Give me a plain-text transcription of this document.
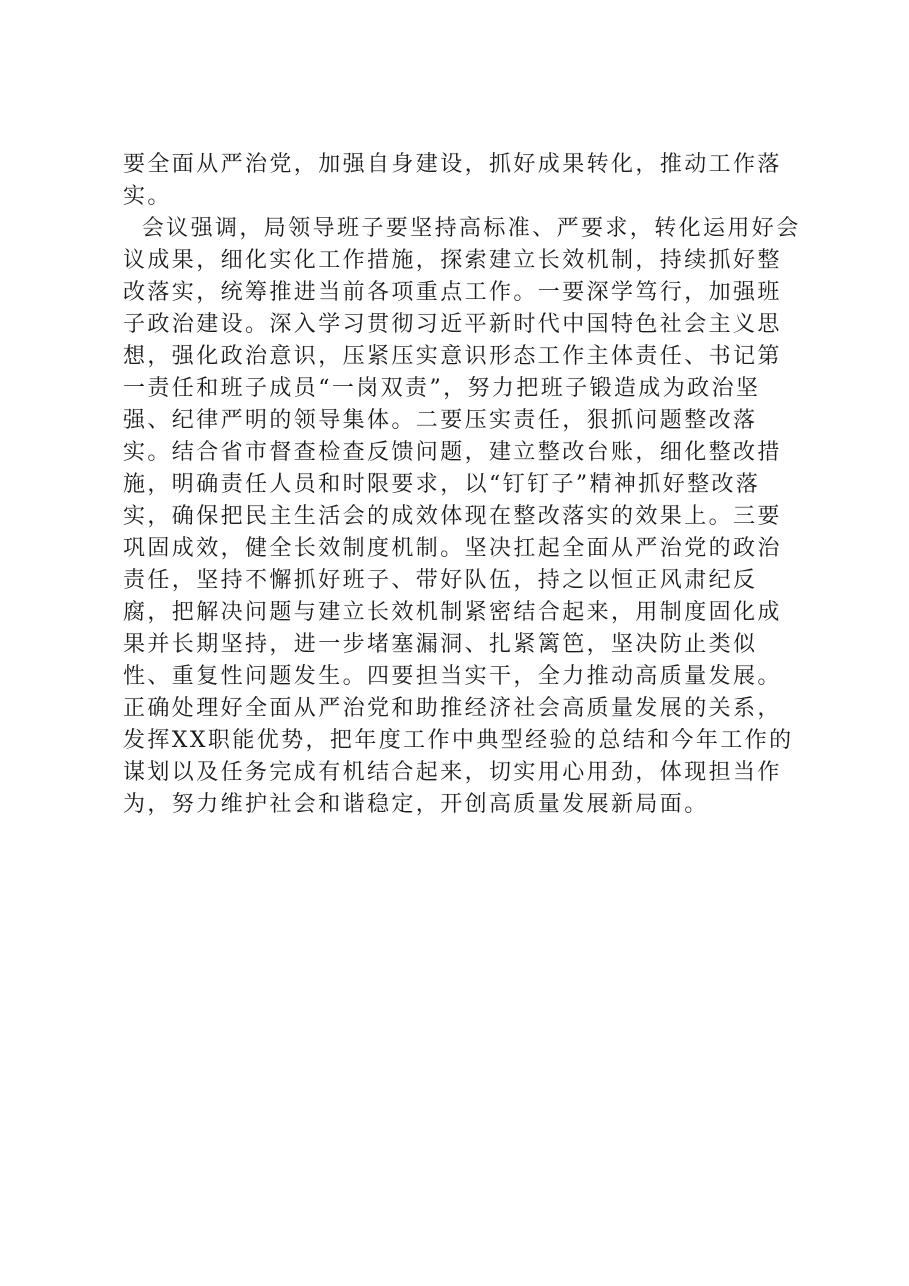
要全面从严治党，加强自身建设，抓好成果转化，推动工作落
实。
会议强调，局领导班子要坚持高标准、严要求，转化运用好会
议成果，细化实化工作措施，探索建立长效机制，持续抓好整
改落实，统筹推进当前各项重点工作。一要深学笃行，加强班
子政治建设。深入学习贯彻习近平新时代中国特色社会主义思
想，强化政治意识，压紧压实意识形态工作主体责任、书记第
一责任和班子成员“一岗双责”，努力把班子锻造成为政治坚
强、纪律严明的领导集体。二要压实责任，狠抓问题整改落
实。结合省市督查检查反馈问题，建立整改台账，细化整改措
施，明确责任人员和时限要求，以“钉钉子”精神抓好整改落
实，确保把民主生活会的成效体现在整改落实的效果上。三要
巩固成效，健全长效制度机制。坚决扛起全面从严治党的政治
责任，坚持不懈抓好班子、带好队伍，持之以恒正风肃纪反
腐，把解决问题与建立长效机制紧密结合起来，用制度固化成
果并长期坚持，进一步堵塞漏洞、扎紧篱笆，坚决防止类似
性、重复性问题发生。四要担当实干，全力推动高质量发展。
正确处理好全面从严治党和助推经济社会高质量发展的关系，
发挥XX职能优势，把年度工作中典型经验的总结和今年工作的
谋划以及任务完成有机结合起来，切实用心用劲，体现担当作
为，努力维护社会和谐稳定，开创高质量发展新局面。
